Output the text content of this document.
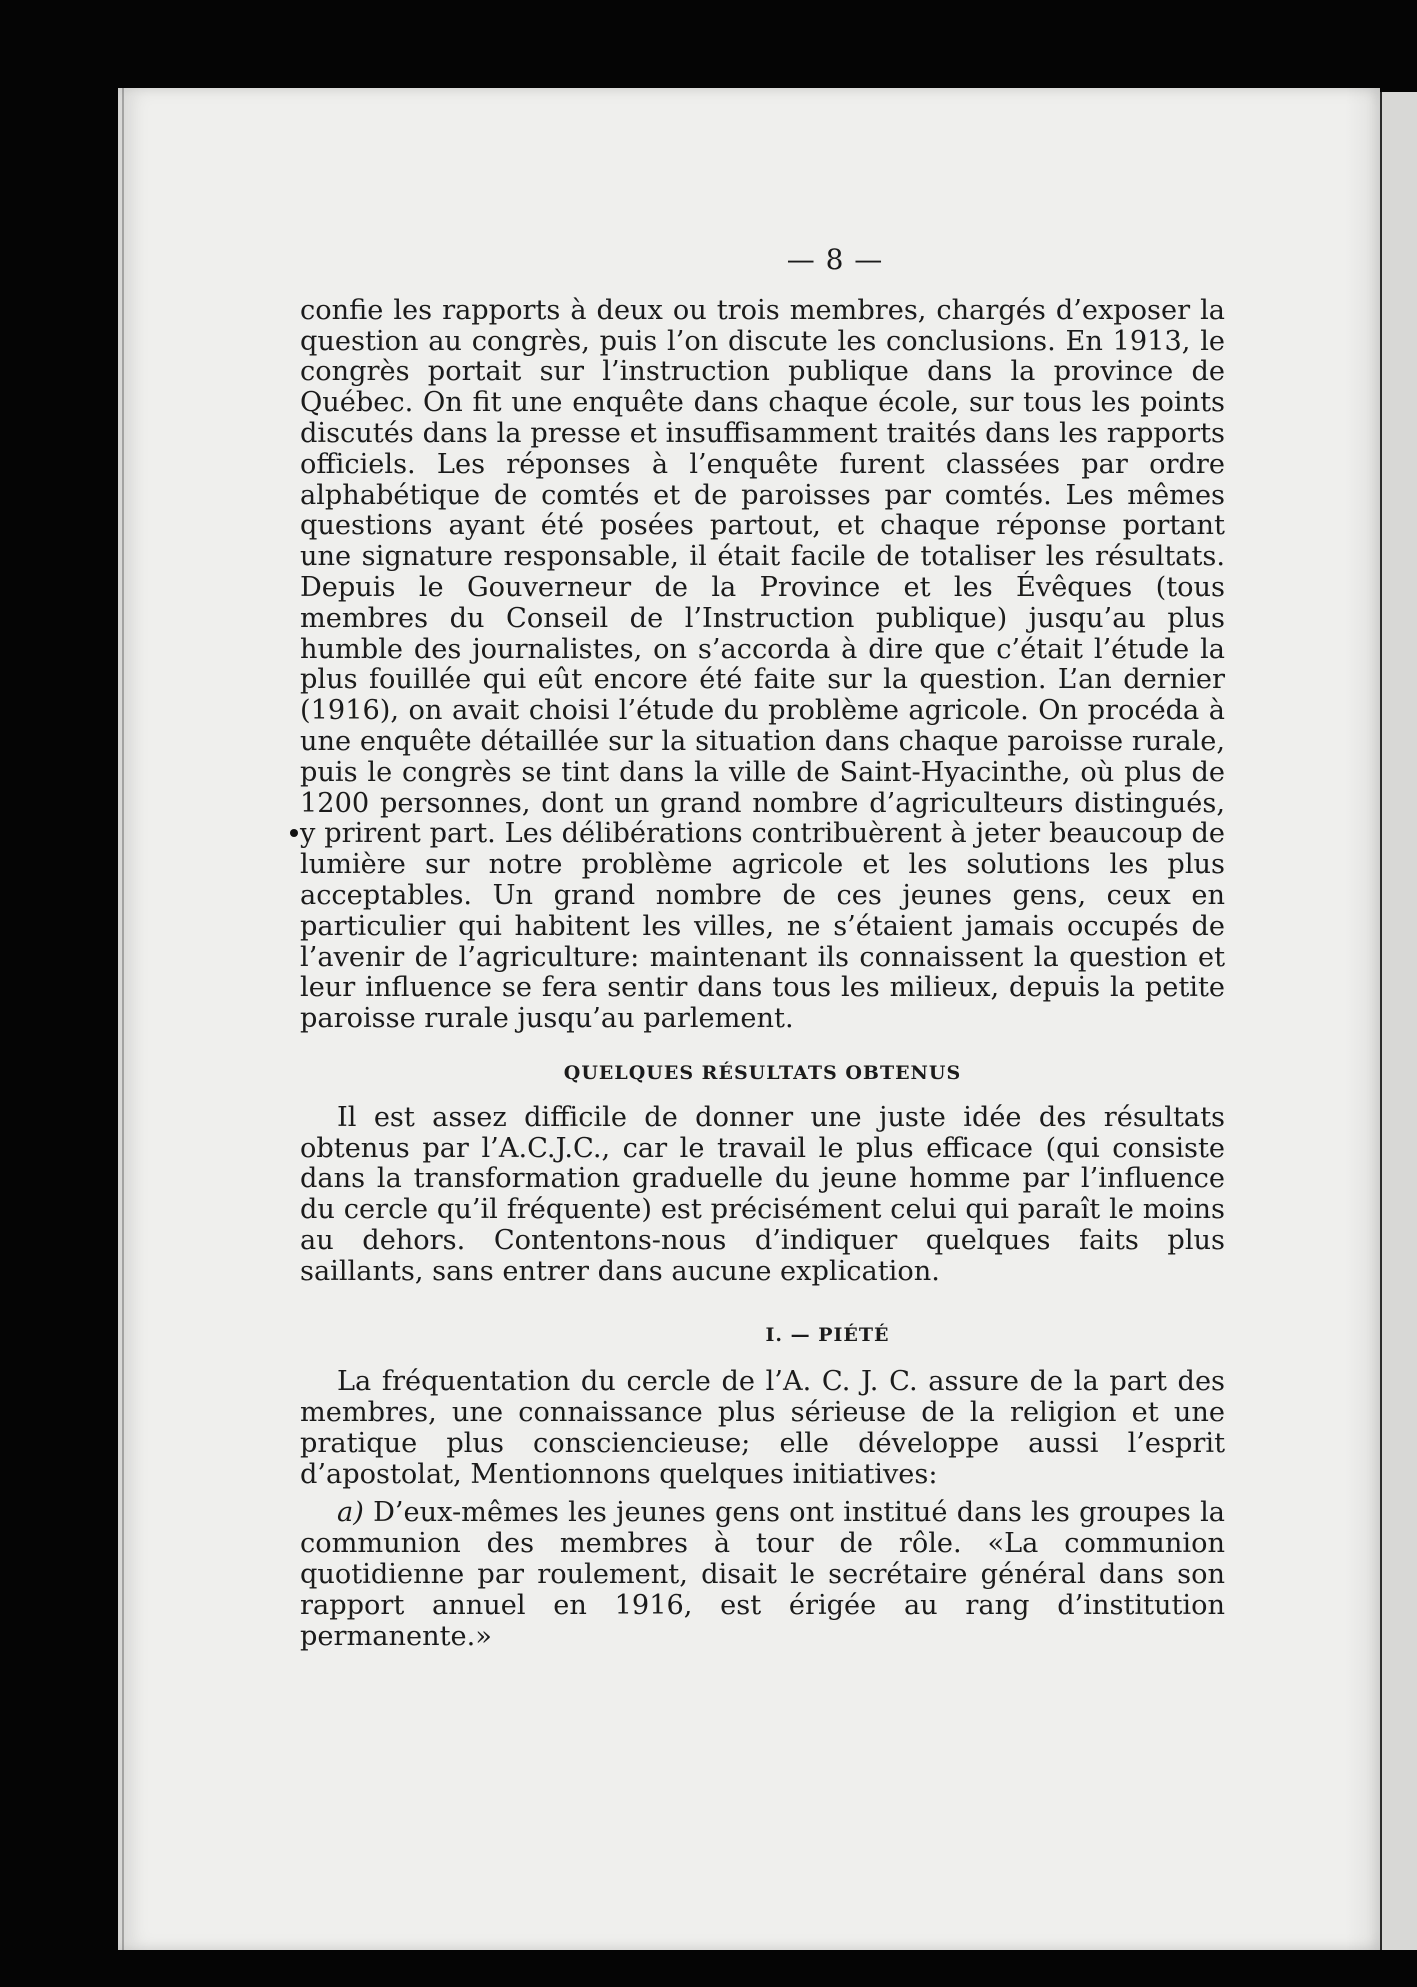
— 8 —

confie les rapports à deux ou trois membres, chargés d’exposer la question au congrès, puis l’on discute les conclusions. En 1913, le congrès portait sur l’instruction publique dans la province de Québec. On fit une enquête dans chaque école, sur tous les points discutés dans la presse et insuffisamment traités dans les rapports officiels. Les réponses à l’enquête furent classées par ordre alphabétique de comtés et de paroisses par comtés. Les mêmes questions ayant été posées partout, et chaque réponse portant une signature responsable, il était facile de totaliser les résultats. Depuis le Gouverneur de la Province et les Évêques (tous membres du Conseil de l’Instruction publique) jusqu’au plus humble des journalistes, on s’accorda à dire que c’était l’étude la plus fouillée qui eût encore été faite sur la question. L’an dernier (1916), on avait choisi l’étude du problème agricole. On procéda à une enquête détaillée sur la situation dans chaque paroisse rurale, puis le congrès se tint dans la ville de Saint-Hyacinthe, où plus de 1200 personnes, dont un grand nombre d’agriculteurs distingués, y prirent part. Les délibérations contribuèrent à jeter beaucoup de lumière sur notre problème agricole et les solutions les plus acceptables. Un grand nombre de ces jeunes gens, ceux en particulier qui habitent les villes, ne s’étaient jamais occupés de l’avenir de l’agriculture: maintenant ils connaissent la question et leur influence se fera sentir dans tous les milieux, depuis la petite paroisse rurale jusqu’au parlement.

QUELQUES RÉSULTATS OBTENUS

Il est assez difficile de donner une juste idée des résultats obtenus par l’A.C.J.C., car le travail le plus efficace (qui consiste dans la transformation graduelle du jeune homme par l’influence du cercle qu’il fréquente) est précisément celui qui paraît le moins au dehors. Contentons-nous d’indiquer quelques faits plus saillants, sans entrer dans aucune explication.

I. — PIÉTÉ

La fréquentation du cercle de l’A. C. J. C. assure de la part des membres, une connaissance plus sérieuse de la religion et une pratique plus consciencieuse; elle développe aussi l’esprit d’apostolat, Mentionnons quelques initiatives:

a) D’eux-mêmes les jeunes gens ont institué dans les groupes la communion des membres à tour de rôle. «La communion quotidienne par roulement, disait le secrétaire général dans son rapport annuel en 1916, est érigée au rang d’institution permanente.»
